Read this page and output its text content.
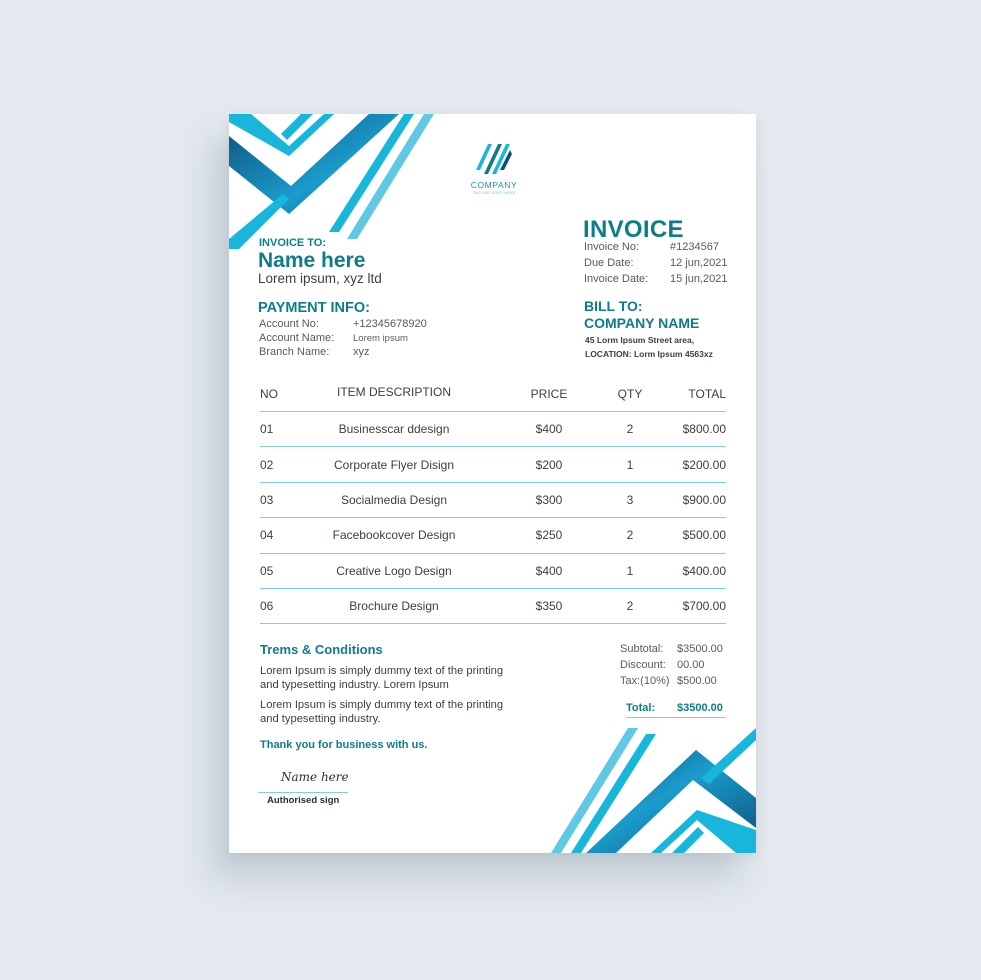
COMPANY
TAGLINE GOES HERE
INVOICE TO:
Name here
Lorem ipsum, xyz ltd
PAYMENT INFO:
Account No:	+12345678920
Account Name: Lorem ipsum
Branch Name: xyz
INVOICE
Invoice No:	#1234567
Due Date:	12 jun,2021
Invoice Date: 15 jun,2021
BILL TO:
COMPANY NAME
45 Lorm Ipsum Street area,
LOCATION: Lorm Ipsum 4563xz
NO	ITEM DESCRIPTION	PRICE	QTY	TOTAL
01	Businesscar ddesign	$400	2	$800.00
02	Corporate Flyer Disign	$200	1	$200.00
03	Socialmedia Design	$300	3	$900.00
04	Facebookcover Design	$250	2	$500.00
05	Creative Logo Design	$400	1	$400.00
06	Brochure Design	$350	2	$700.00
Trems & Conditions
Lorem Ipsum is simply dummy text of the printing
and typesetting industry. Lorem Ipsum
Lorem Ipsum is simply dummy text of the printing
and typesetting industry.
Thank you for business with us.
Subtotal: $3500.00
Discount: 00.00
Tax:(10%) $500.00
Total: $3500.00
Name here
Authorised sign
